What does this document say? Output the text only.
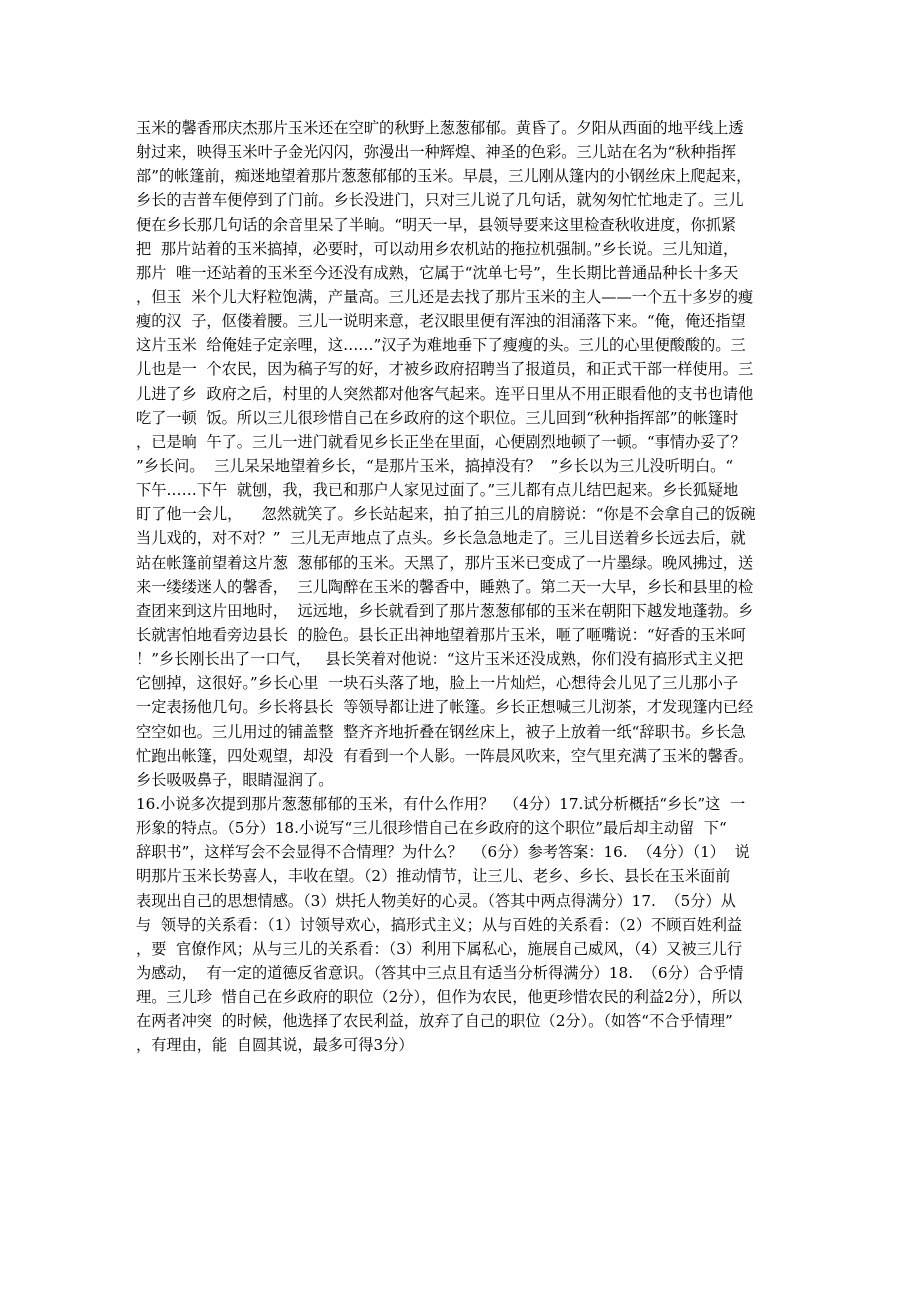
玉米的馨香邢庆杰那片玉米还在空旷的秋野上葱葱郁郁。黄昏了。夕阳从西面的地平线上透
射过来，映得玉米叶子金光闪闪，弥漫出一种辉煌、神圣的色彩。三儿站在名为“秋种指挥
部”的帐篷前，痴迷地望着那片葱葱郁郁的玉米。早晨，三儿刚从篷内的小钢丝床上爬起来，
乡长的吉普车便停到了门前。乡长没进门，只对三儿说了几句话，就匆匆忙忙地走了。三儿
便在乡长那几句话的余音里呆了半晌。“明天一早，县领导要来这里检查秋收进度，你抓紧
把  那片站着的玉米搞掉，必要时，可以动用乡农机站的拖拉机强制。”乡长说。三儿知道，
那片  唯一还站着的玉米至今还没有成熟，它属于“沈单七号”，生长期比普通品种长十多天
，但玉  米个儿大籽粒饱满，产量高。三儿还是去找了那片玉米的主人——一个五十多岁的瘦
瘦的汉  子，伛偻着腰。三儿一说明来意，老汉眼里便有浑浊的泪涌落下来。“俺，俺还指望
这片玉米  给俺娃子定亲哩，这……”汉子为难地垂下了瘦瘦的头。三儿的心里便酸酸的。三
儿也是一  个农民，因为稿子写的好，才被乡政府招聘当了报道员，和正式干部一样使用。三
儿进了乡  政府之后，村里的人突然都对他客气起来。连平日里从不用正眼看他的支书也请他
吃了一顿  饭。所以三儿很珍惜自己在乡政府的这个职位。三儿回到“秋种指挥部”的帐篷时
，已是晌  午了。三儿一进门就看见乡长正坐在里面，心便剧烈地顿了一顿。“事情办妥了？
”乡长问。  三儿呆呆地望着乡长，“是那片玉米，搞掉没有？  ”乡长以为三儿没听明白。“
下午……下午  就刨，我，我已和那户人家见过面了。”三儿都有点儿结巴起来。乡长狐疑地
盯了他一会儿，    忽然就笑了。乡长站起来，拍了拍三儿的肩膀说：“你是不会拿自己的饭碗
当儿戏的，对不对？”  三儿无声地点了点头。乡长急急地走了。三儿目送着乡长远去后，就
站在帐篷前望着这片葱  葱郁郁的玉米。天黑了，那片玉米已变成了一片墨绿。晚风拂过，送
来一缕缕迷人的馨香，  三儿陶醉在玉米的馨香中，睡熟了。第二天一大早，乡长和县里的检
查团来到这片田地时，  远远地，乡长就看到了那片葱葱郁郁的玉米在朝阳下越发地蓬勃。乡
长就害怕地看旁边县长  的脸色。县长正出神地望着那片玉米，咂了咂嘴说：“好香的玉米呵
！”乡长刚长出了一口气，   县长笑着对他说：“这片玉米还没成熟，你们没有搞形式主义把
它刨掉，这很好。”乡长心里  一块石头落了地，脸上一片灿烂，心想待会儿见了三儿那小子
一定表扬他几句。乡长将县长  等领导都让进了帐篷。乡长正想喊三儿沏茶，才发现篷内已经
空空如也。三儿用过的铺盖整  整齐齐地折叠在钢丝床上，被子上放着一纸“辞职书。乡长急
忙跑出帐篷，四处观望，却没  有看到一个人影。一阵晨风吹来，空气里充满了玉米的馨香。
乡长吸吸鼻子，眼睛湿润了。
16.小说多次提到那片葱葱郁郁的玉米，有什么作用？  （4分）17.试分析概括“乡长”这  一
形象的特点。（5分）18.小说写“三儿很珍惜自己在乡政府的这个职位”最后却主动留  下“
辞职书”，这样写会不会显得不合情理？为什么？  （6分）参考答案：16.  （4分）（1）  说
明那片玉米长势喜人，丰收在望。（2）推动情节，让三儿、老乡、乡长、县长在玉米面前
表现出自己的思想情感。（3）烘托人物美好的心灵。（答其中两点得满分）17.  （5分）从
与  领导的关系看：（1）讨领导欢心，搞形式主义；从与百姓的关系看：（2）不顾百姓利益
，要  官僚作风；从与三儿的关系看：（3）利用下属私心，施展自己威风，（4）又被三儿行
为感动，  有一定的道德反省意识。（答其中三点且有适当分析得满分）18.  （6分）合乎情
理。三儿珍  惜自己在乡政府的职位（2分），但作为农民，他更珍惜农民的利益2分），所以
在两者冲突  的时候，他选择了农民利益，放弃了自己的职位（2分）。（如答“不合乎情理”
，有理由，能  自圆其说，最多可得3分）
